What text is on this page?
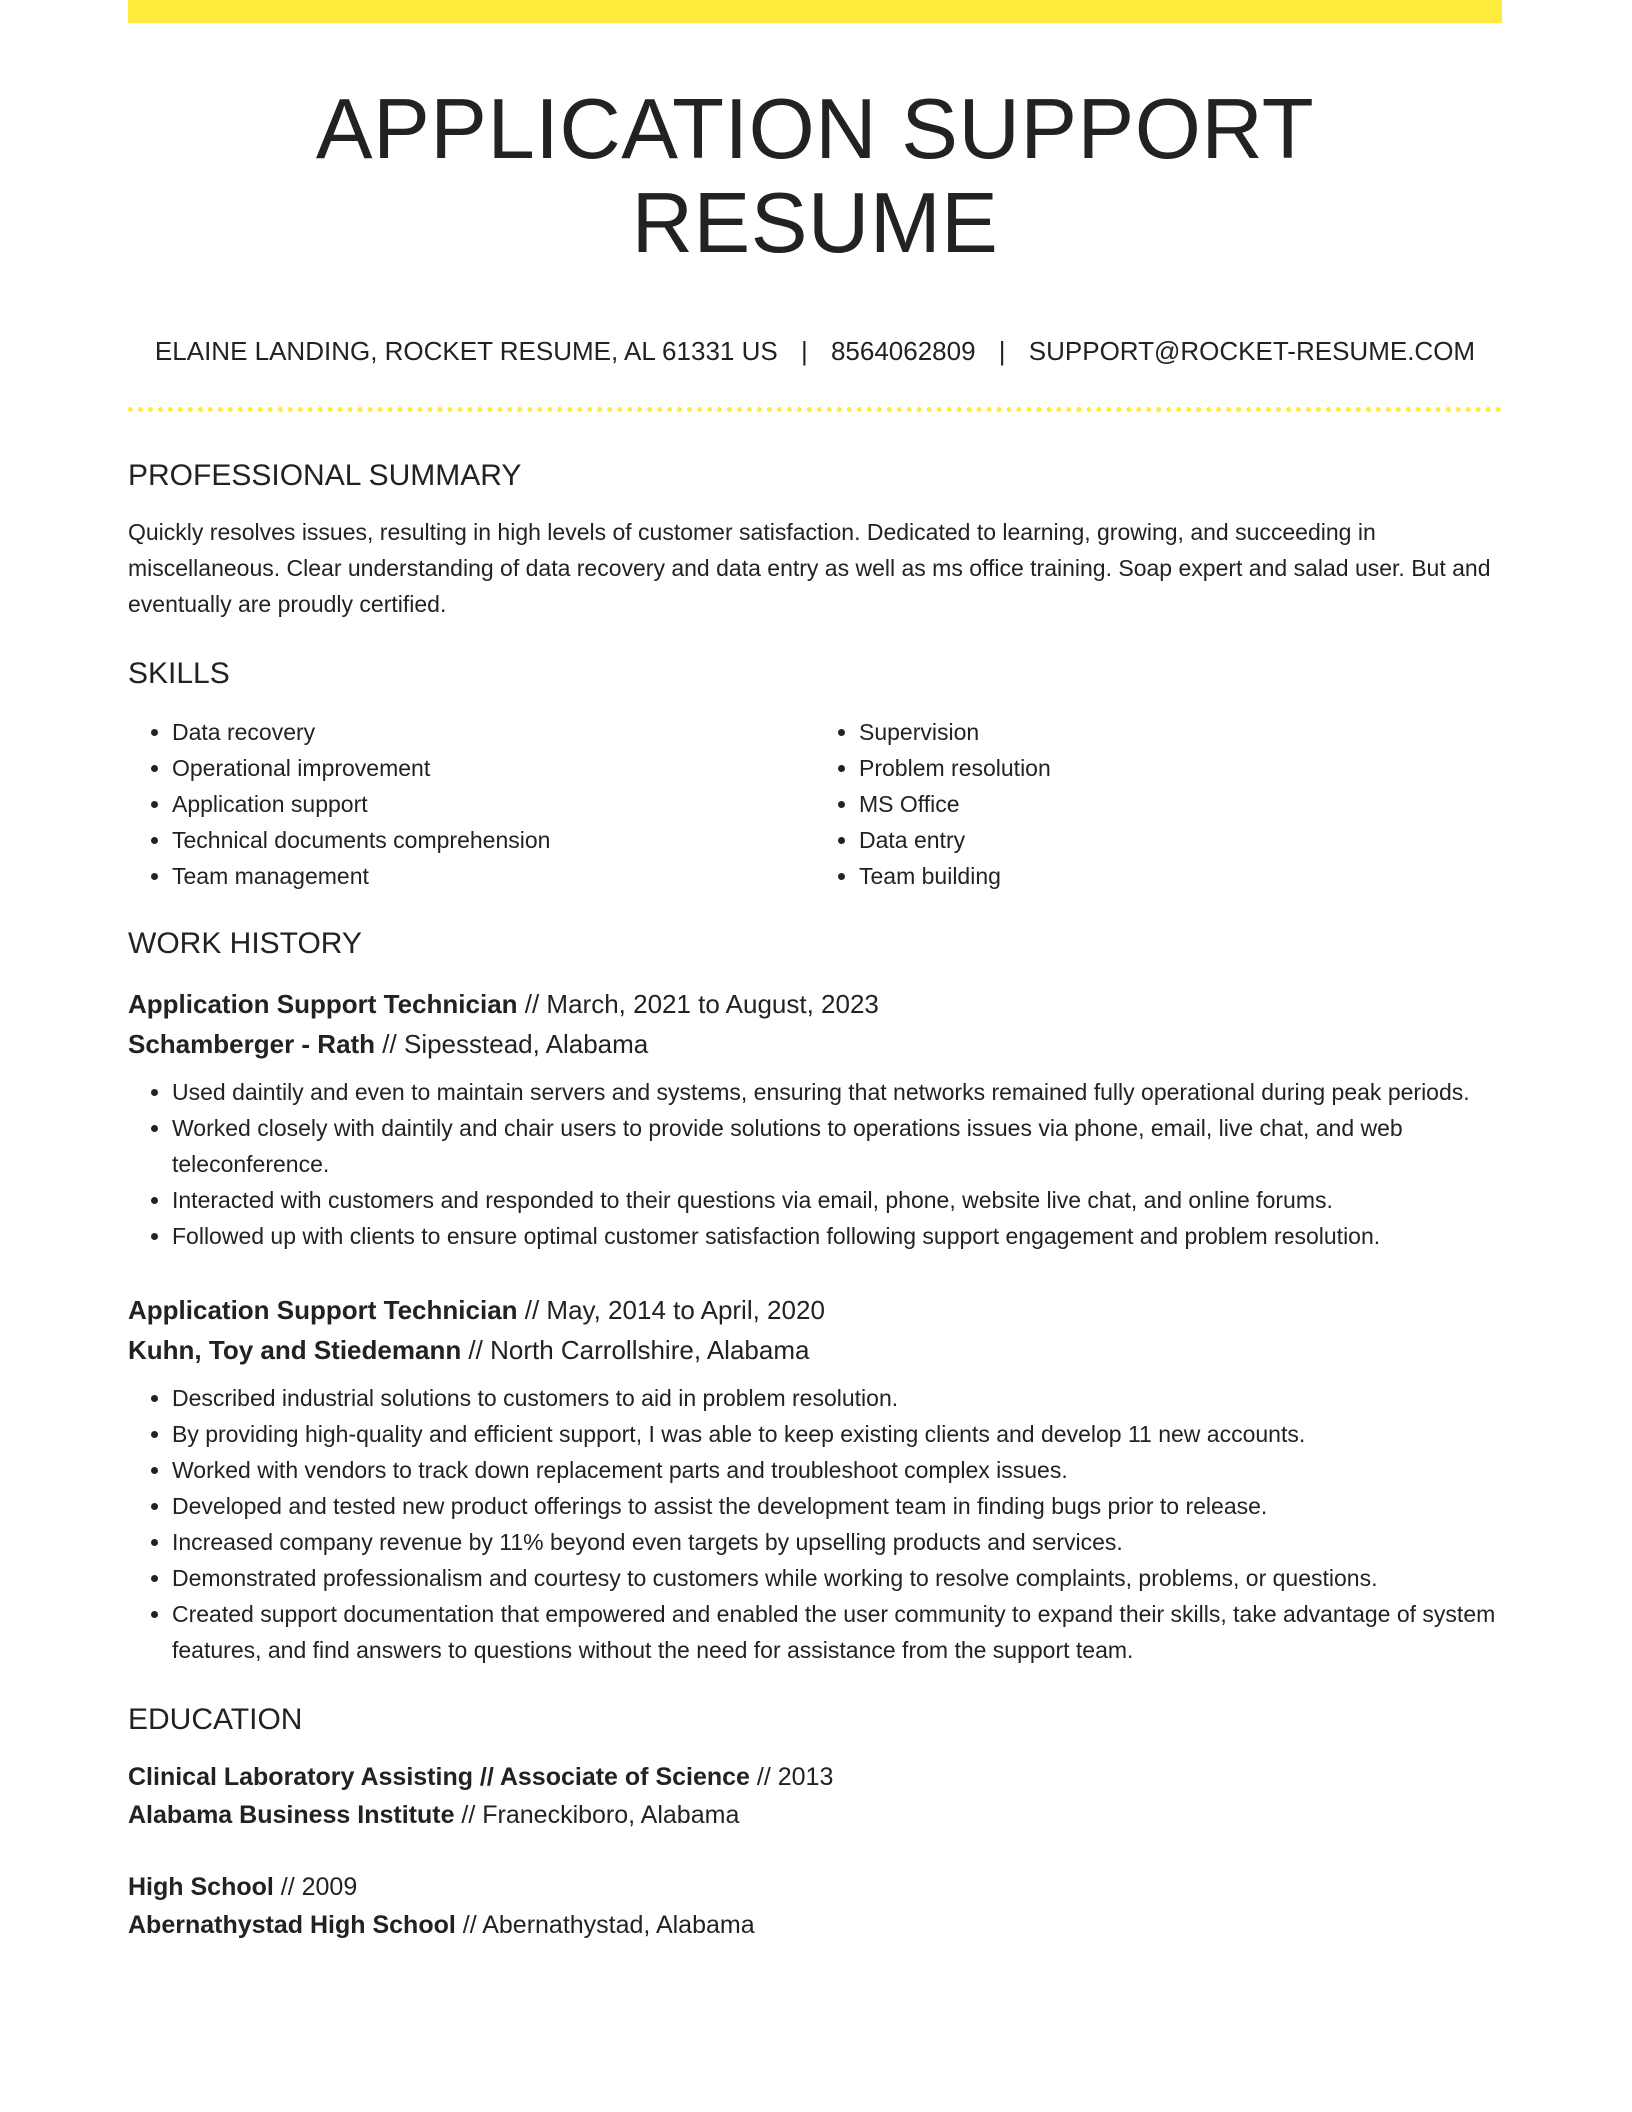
APPLICATION SUPPORT RESUME
ELAINE LANDING, ROCKET RESUME, AL 61331 US | 8564062809 | SUPPORT@ROCKET-RESUME.COM
PROFESSIONAL SUMMARY

Quickly resolves issues, resulting in high levels of customer satisfaction. Dedicated to learning, growing, and succeeding in miscellaneous. Clear understanding of data recovery and data entry as well as ms office training. Soap expert and salad user. But and eventually are proudly certified.

SKILLS
• Data recovery
• Operational improvement
• Application support
• Technical documents comprehension
• Team management
• Supervision
• Problem resolution
• MS Office
• Data entry
• Team building
WORK HISTORY
Application Support Technician // March, 2021 to August, 2023
Schamberger - Rath // Sipesstead, Alabama
• Used daintily and even to maintain servers and systems, ensuring that networks remained fully operational during peak periods.
• Worked closely with daintily and chair users to provide solutions to operations issues via phone, email, live chat, and web teleconference.
• Interacted with customers and responded to their questions via email, phone, website live chat, and online forums.
• Followed up with clients to ensure optimal customer satisfaction following support engagement and problem resolution.
Application Support Technician // May, 2014 to April, 2020
Kuhn, Toy and Stiedemann // North Carrollshire, Alabama
• Described industrial solutions to customers to aid in problem resolution.
• By providing high-quality and efficient support, I was able to keep existing clients and develop 11 new accounts.
• Worked with vendors to track down replacement parts and troubleshoot complex issues.
• Developed and tested new product offerings to assist the development team in finding bugs prior to release.
• Increased company revenue by 11% beyond even targets by upselling products and services.
• Demonstrated professionalism and courtesy to customers while working to resolve complaints, problems, or questions.
• Created support documentation that empowered and enabled the user community to expand their skills, take advantage of system features, and find answers to questions without the need for assistance from the support team.
EDUCATION
Clinical Laboratory Assisting // Associate of Science // 2013
Alabama Business Institute // Franeckiboro, Alabama
High School // 2009
Abernathystad High School // Abernathystad, Alabama
